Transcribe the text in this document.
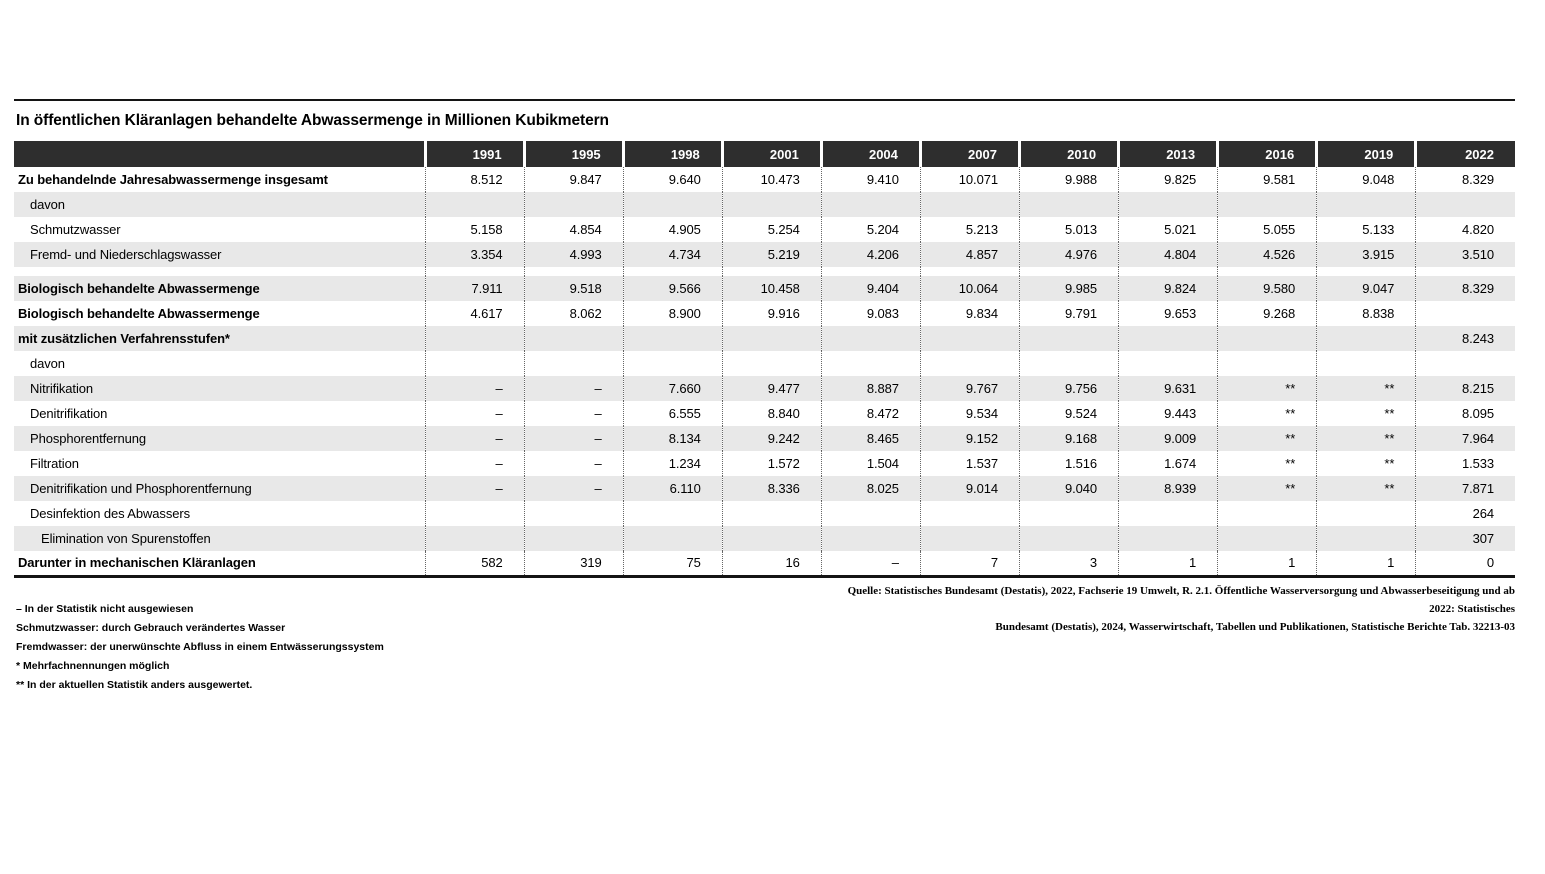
In öffentlichen Kläranlagen behandelte Abwassermenge in Millionen Kubikmetern
	1991	1995	1998	2001	2004	2007	2010	2013	2016	2019	2022
Zu behandelnde Jahresabwassermenge insgesamt	8.512	9.847	9.640	10.473	9.410	10.071	9.988	9.825	9.581	9.048	8.329
davon											
Schmutzwasser	5.158	4.854	4.905	5.254	5.204	5.213	5.013	5.021	5.055	5.133	4.820
Fremd- und Niederschlagswasser	3.354	4.993	4.734	5.219	4.206	4.857	4.976	4.804	4.526	3.915	3.510

Biologisch behandelte Abwassermenge	7.911	9.518	9.566	10.458	9.404	10.064	9.985	9.824	9.580	9.047	8.329
Biologisch behandelte Abwassermenge	4.617	8.062	8.900	9.916	9.083	9.834	9.791	9.653	9.268	8.838	
mit zusätzlichen Verfahrensstufen*											8.243
davon											
Nitrifikation	–	–	7.660	9.477	8.887	9.767	9.756	9.631	**	**	8.215
Denitrifikation	–	–	6.555	8.840	8.472	9.534	9.524	9.443	**	**	8.095
Phosphorentfernung	–	–	8.134	9.242	8.465	9.152	9.168	9.009	**	**	7.964
Filtration	–	–	1.234	1.572	1.504	1.537	1.516	1.674	**	**	1.533
Denitrifikation und Phosphorentfernung	–	–	6.110	8.336	8.025	9.014	9.040	8.939	**	**	7.871
Desinfektion des Abwassers											264
Elimination von Spurenstoffen											307
Darunter in mechanischen Kläranlagen	582	319	75	16	–	7	3	1	1	1	0
Quelle: Statistisches Bundesamt (Destatis), 2022, Fachserie 19 Umwelt, R. 2.1. Öffentliche Wasserversorgung und Abwasserbeseitigung und ab 2022: Statistisches
Bundesamt (Destatis), 2024, Wasserwirtschaft, Tabellen und Publikationen, Statistische Berichte Tab. 32213-03
– In der Statistik nicht ausgewiesen
Schmutzwasser: durch Gebrauch verändertes Wasser
Fremdwasser: der unerwünschte Abfluss in einem Entwässerungssystem
* Mehrfachnennungen möglich
** In der aktuellen Statistik anders ausgewertet.
